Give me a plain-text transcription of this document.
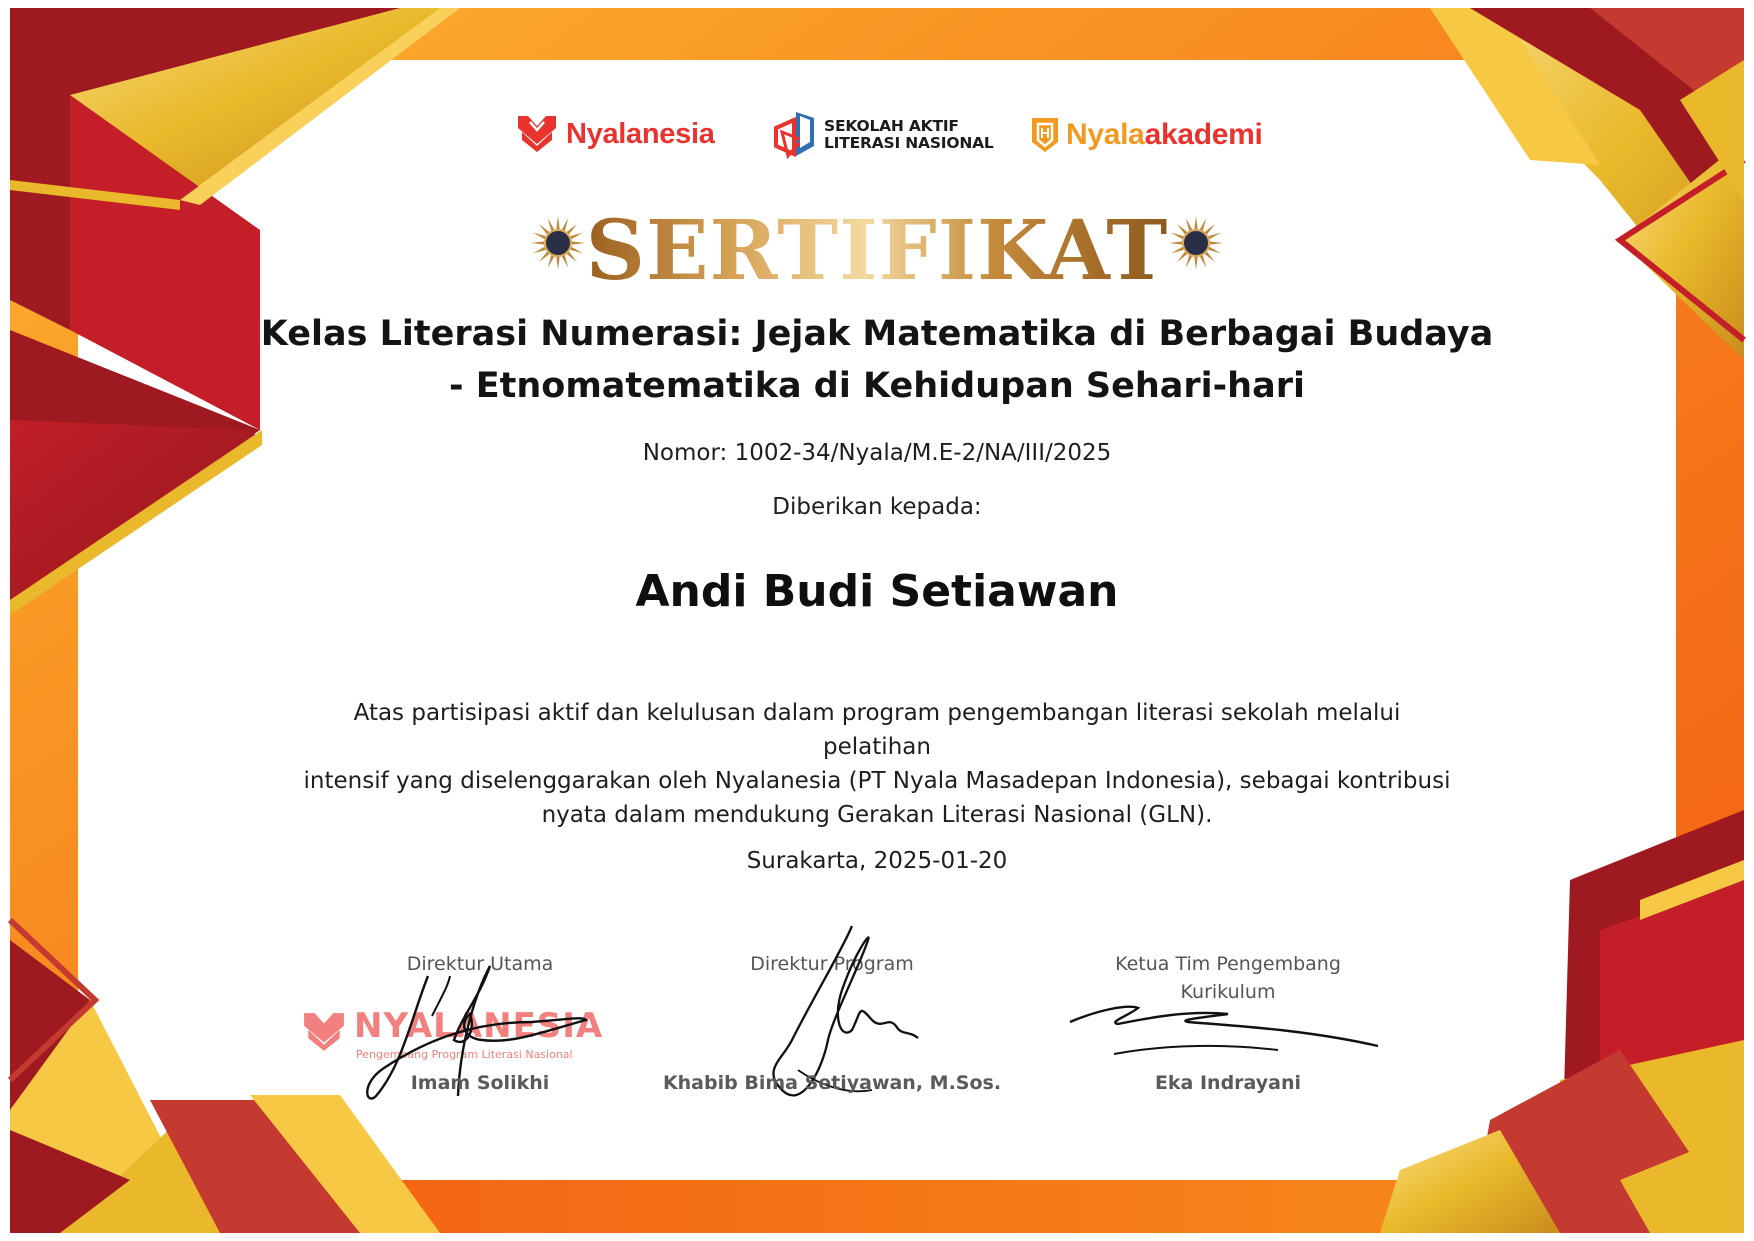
Nyalanesia	SEKOLAH AKTIF
LITERASI NASIONAL Nyalaakademi
SERTIFIKAT
Kelas Literasi Numerasi: Jejak Matematika di Berbagai Budaya
- Etnomatematika di Kehidupan Sehari-hari
Nomor: 1002-34/Nyala/M.E-2/NA/III/2025
Diberikan kepada:
Andi Budi Setiawan
Atas partisipasi aktif dan kelulusan dalam program pengembangan literasi sekolah melalui pelatihan
intensif yang diselenggarakan oleh Nyalanesia (PT Nyala Masadepan Indonesia), sebagai kontribusi
nyata dalam mendukung Gerakan Literasi Nasional (GLN).
Surakarta, 2025-01-20
NYALANESIA
Pengembang Program Literasi Nasional
Direktur Utama
Imam Solikhi
Direktur Program
Khabib Bima Setiyawan, M.Sos.
Ketua Tim Pengembang
Kurikulum
Eka Indrayani
